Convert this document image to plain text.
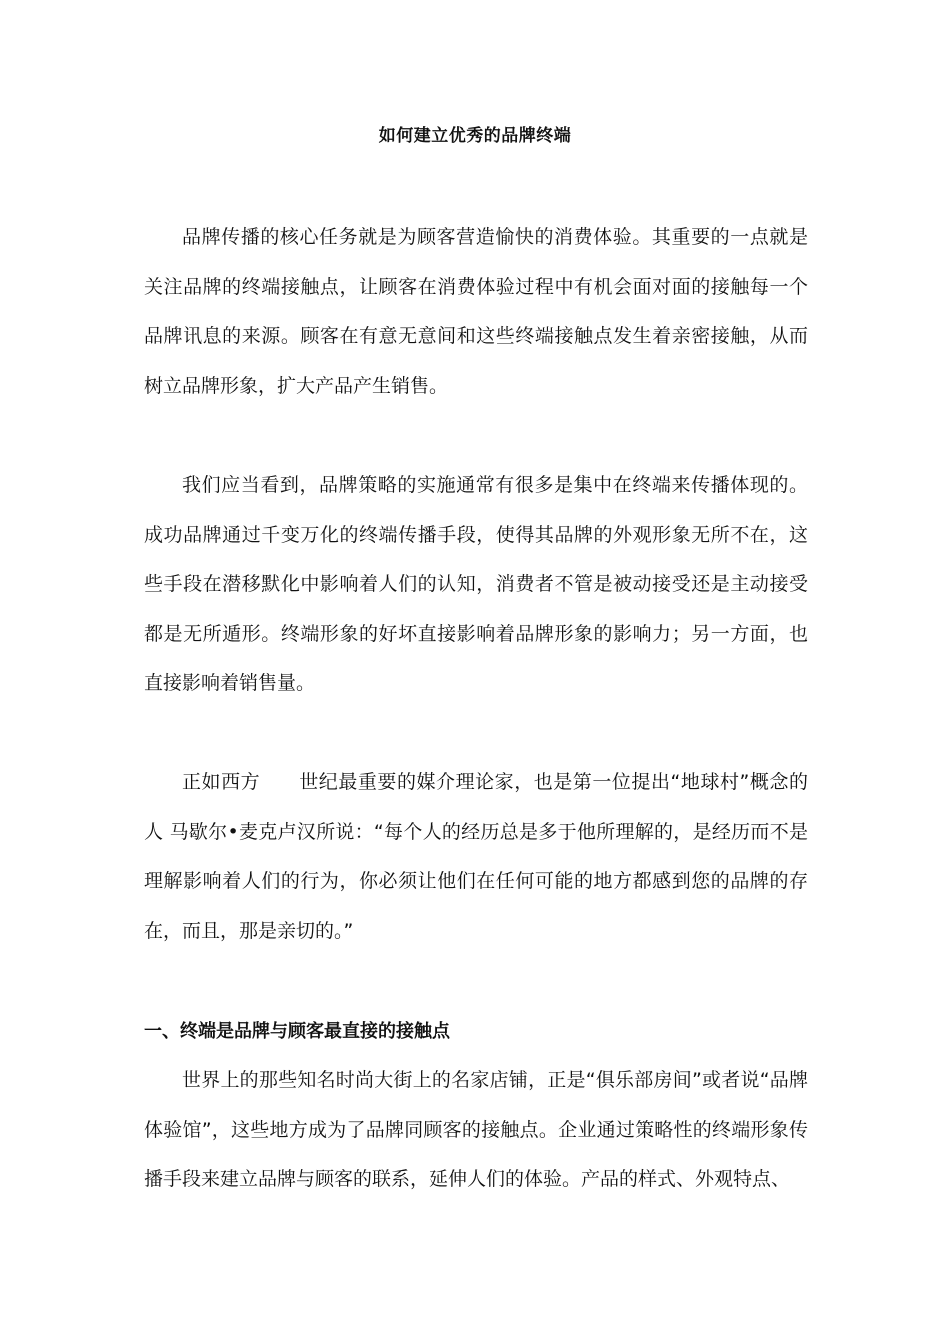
如何建立优秀的品牌终端

品牌传播的核心任务就是为顾客营造愉快的消费体验。其重要的一点就是关注品牌的终端接触点，让顾客在消费体验过程中有机会面对面的接触每一个品牌讯息的来源。顾客在有意无意间和这些终端接触点发生着亲密接触，从而树立品牌形象，扩大产品产生销售。

我们应当看到，品牌策略的实施通常有很多是集中在终端来传播体现的。成功品牌通过千变万化的终端传播手段，使得其品牌的外观形象无所不在，这些手段在潜移默化中影响着人们的认知，消费者不管是被动接受还是主动接受都是无所遁形。终端形象的好坏直接影响着品牌形象的影响力；另一方面，也直接影响着销售量。

正如西方　　世纪最重要的媒介理论家，也是第一位提出“地球村”概念的人 马歇尔•麦克卢汉所说：“每个人的经历总是多于他所理解的，是经历而不是理解影响着人们的行为，你必须让他们在任何可能的地方都感到您的品牌的存在，而且，那是亲切的。”

一、终端是品牌与顾客最直接的接触点

世界上的那些知名时尚大街上的名家店铺，正是“俱乐部房间”或者说“品牌体验馆”，这些地方成为了品牌同顾客的接触点。企业通过策略性的终端形象传播手段来建立品牌与顾客的联系，延伸人们的体验。产品的样式、外观特点、
